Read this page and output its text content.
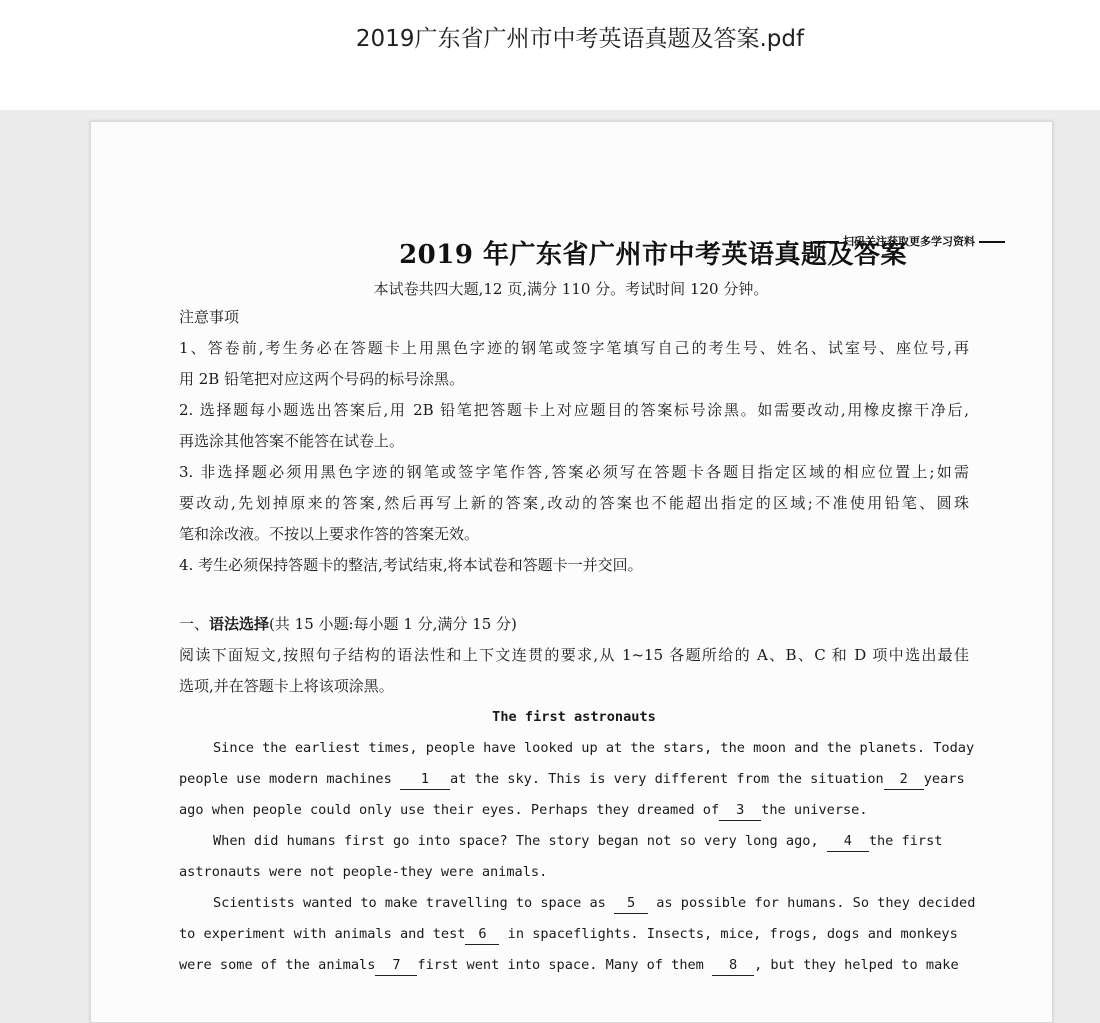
2019广东省广州市中考英语真题及答案.pdf
2019 年广东省广州市中考英语真题及答案
扫码关注获取更多学习资料
本试卷共四大题,12 页,满分 110 分。考试时间 120 分钟。
注意事项
1、答卷前,考生务必在答题卡上用黑色字迹的钢笔或签字笔填写自己的考生号、姓名、试室号、座位号,再
用 2B 铅笔把对应这两个号码的标号涂黑。
2. 选择题每小题选出答案后,用 2B 铅笔把答题卡上对应题目的答案标号涂黑。如需要改动,用橡皮擦干净后,
再选涂其他答案不能答在试卷上。
3. 非选择题必须用黑色字迹的钢笔或签字笔作答,答案必须写在答题卡各题目指定区域的相应位置上;如需
要改动,先划掉原来的答案,然后再写上新的答案,改动的答案也不能超出指定的区域;不准使用铅笔、圆珠
笔和涂改液。不按以上要求作答的答案无效。
4. 考生必须保持答题卡的整洁,考试结束,将本试卷和答题卡一并交回。
一、语法选择(共 15 小题:每小题 1 分,满分 15 分)
阅读下面短文,按照句子结构的语法性和上下文连贯的要求,从 1~15 各题所给的 A、B、C 和 D 项中选出最佳
选项,并在答题卡上将该项涂黑。
The first astronauts
Since the earliest times, people have looked up at the stars, the moon and the planets. Today
people use modern machines 1 at the sky. This is very different from the situation 2 years
ago when people could only use their eyes. Perhaps they dreamed of 3 the universe.
When did humans first go into space? The story began not so very long ago, 4 the first
astronauts were not people-they were animals.
Scientists wanted to make travelling to space as 5 as possible for humans. So they decided
to experiment with animals and test 6 in spaceflights. Insects, mice, frogs, dogs and monkeys
were some of the animals 7 first went into space. Many of them 8 , but they helped to make
